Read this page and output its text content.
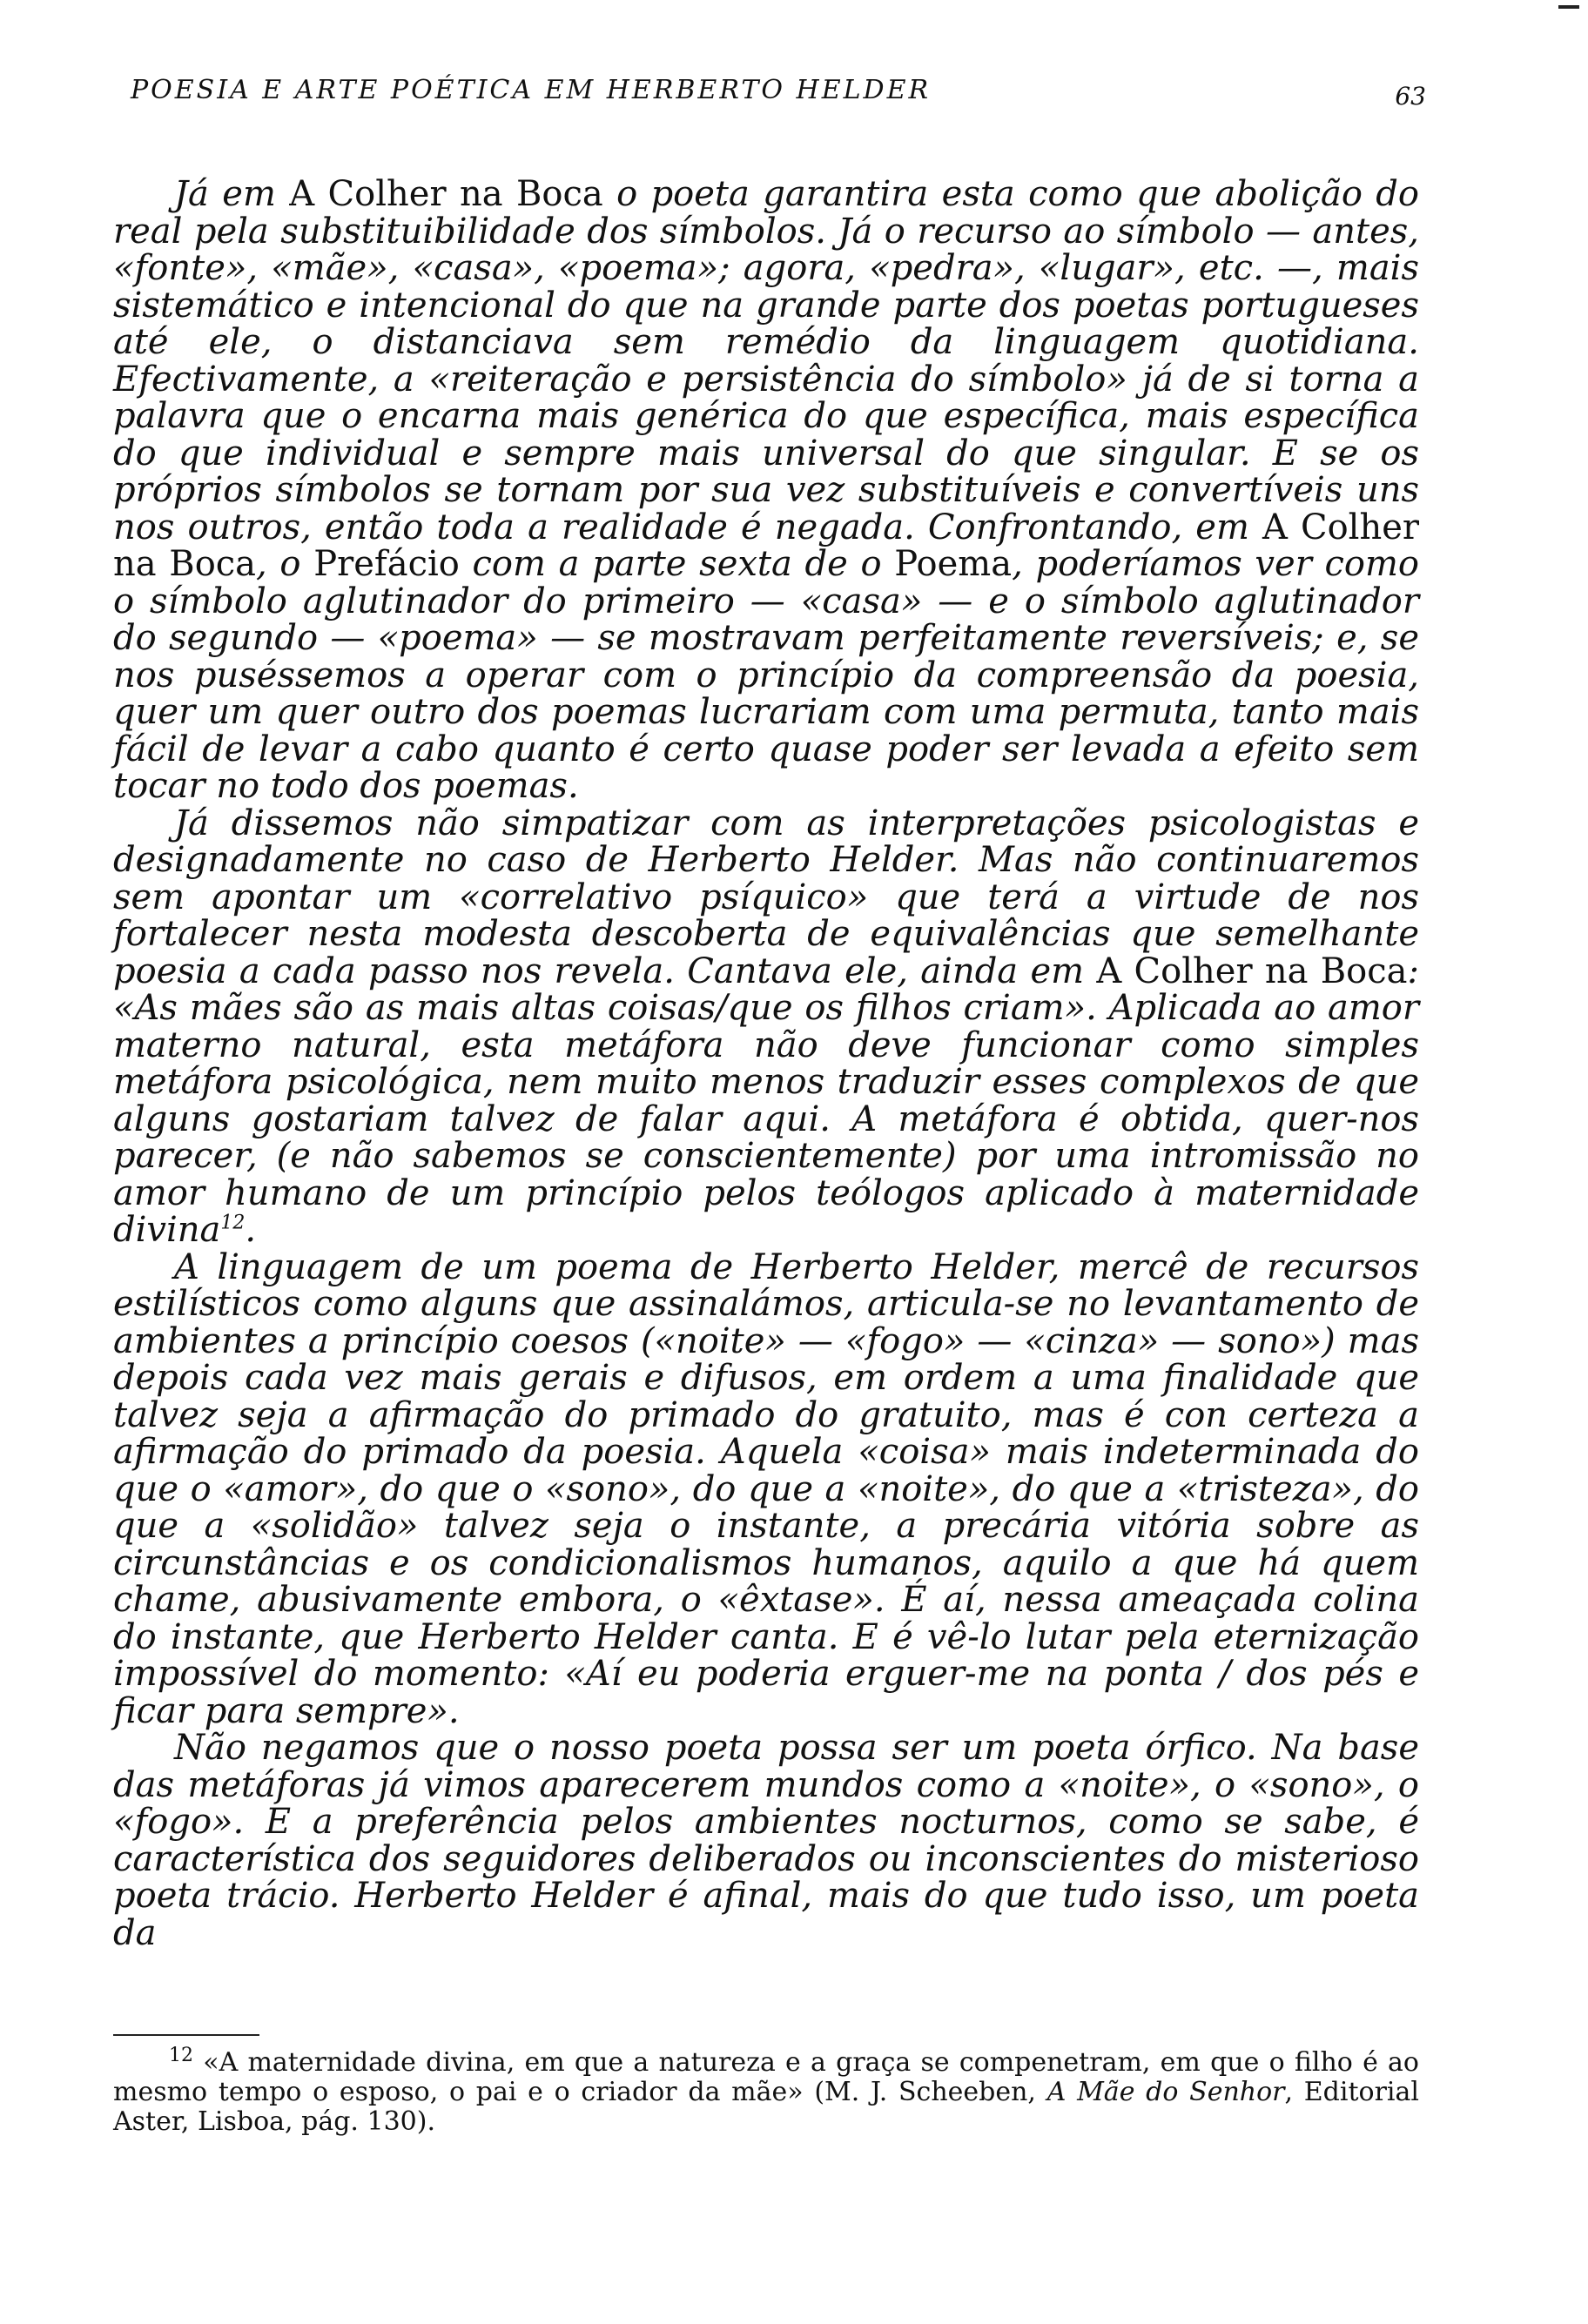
POESIA E ARTE POÉTICA EM HERBERTO HELDER	63

Já em A Colher na Boca o poeta garantira esta como que abolição do real pela substituibilidade dos símbolos. Já o recurso ao símbolo — antes, «fonte», «mãe», «casa», «poema»; agora, «pedra», «lugar», etc. —, mais sistemático e intencional do que na grande parte dos poetas portugueses até ele, o distanciava sem remédio da linguagem quotidiana. Efectivamente, a «reiteração e persistência do símbolo» já de si torna a palavra que o encarna mais genérica do que específica, mais específica do que individual e sempre mais universal do que singular. E se os próprios símbolos se tornam por sua vez substituíveis e convertíveis uns nos outros, então toda a realidade é negada. Confrontando, em A Colher na Boca, o Prefácio com a parte sexta de o Poema, poderíamos ver como o símbolo aglutinador do primeiro — «casa» — e o símbolo aglutinador do segundo — «poema» — se mostravam perfeitamente reversíveis; e, se nos puséssemos a operar com o princípio da compreensão da poesia, quer um quer outro dos poemas lucrariam com uma permuta, tanto mais fácil de levar a cabo quanto é certo quase poder ser levada a efeito sem tocar no todo dos poemas.

Já dissemos não simpatizar com as interpretações psicologistas e designadamente no caso de Herberto Helder. Mas não continuaremos sem apontar um «correlativo psíquico» que terá a virtude de nos fortalecer nesta modesta descoberta de equivalências que semelhante poesia a cada passo nos revela. Cantava ele, ainda em A Colher na Boca: «As mães são as mais altas coisas/que os filhos criam». Aplicada ao amor materno natural, esta metáfora não deve funcionar como simples metáfora psicológica, nem muito menos traduzir esses complexos de que alguns gostariam talvez de falar aqui. A metáfora é obtida, quer-nos parecer, (e não sabemos se conscientemente) por uma intromissão no amor humano de um princípio pelos teólogos aplicado à maternidade divina$^{12}$.

A linguagem de um poema de Herberto Helder, mercê de recursos estilísticos como alguns que assinalámos, articula-se no levantamento de ambientes a princípio coesos («noite» — «fogo» — «cinza» — sono») mas depois cada vez mais gerais e difusos, em ordem a uma finalidade que talvez seja a afirmação do primado do gratuito, mas é con certeza a afirmação do primado da poesia. Aquela «coisa» mais indeterminada do que o «amor», do que o «sono», do que a «noite», do que a «tristeza», do que a «solidão» talvez seja o instante, a precária vitória sobre as circunstâncias e os condicionalismos humanos, aquilo a que há quem chame, abusivamente embora, o «êxtase». É aí, nessa ameaçada colina do instante, que Herberto Helder canta. E é vê-lo lutar pela eternização impossível do momento: «Aí eu poderia erguer-me na ponta / dos pés e ficar para sempre».

Não negamos que o nosso poeta possa ser um poeta órfico. Na base das metáforas já vimos aparecerem mundos como a «noite», o «sono», o «fogo». E a preferência pelos ambientes nocturnos, como se sabe, é característica dos seguidores deliberados ou inconscientes do misterioso poeta trácio. Herberto Helder é afinal, mais do que tudo isso, um poeta da

$^{12}$ «A maternidade divina, em que a natureza e a graça se compenetram, em que o filho é ao mesmo tempo o esposo, o pai e o criador da mãe» (M. J. Scheeben, A Mãe do Senhor, Editorial Aster, Lisboa, pág. 130).
